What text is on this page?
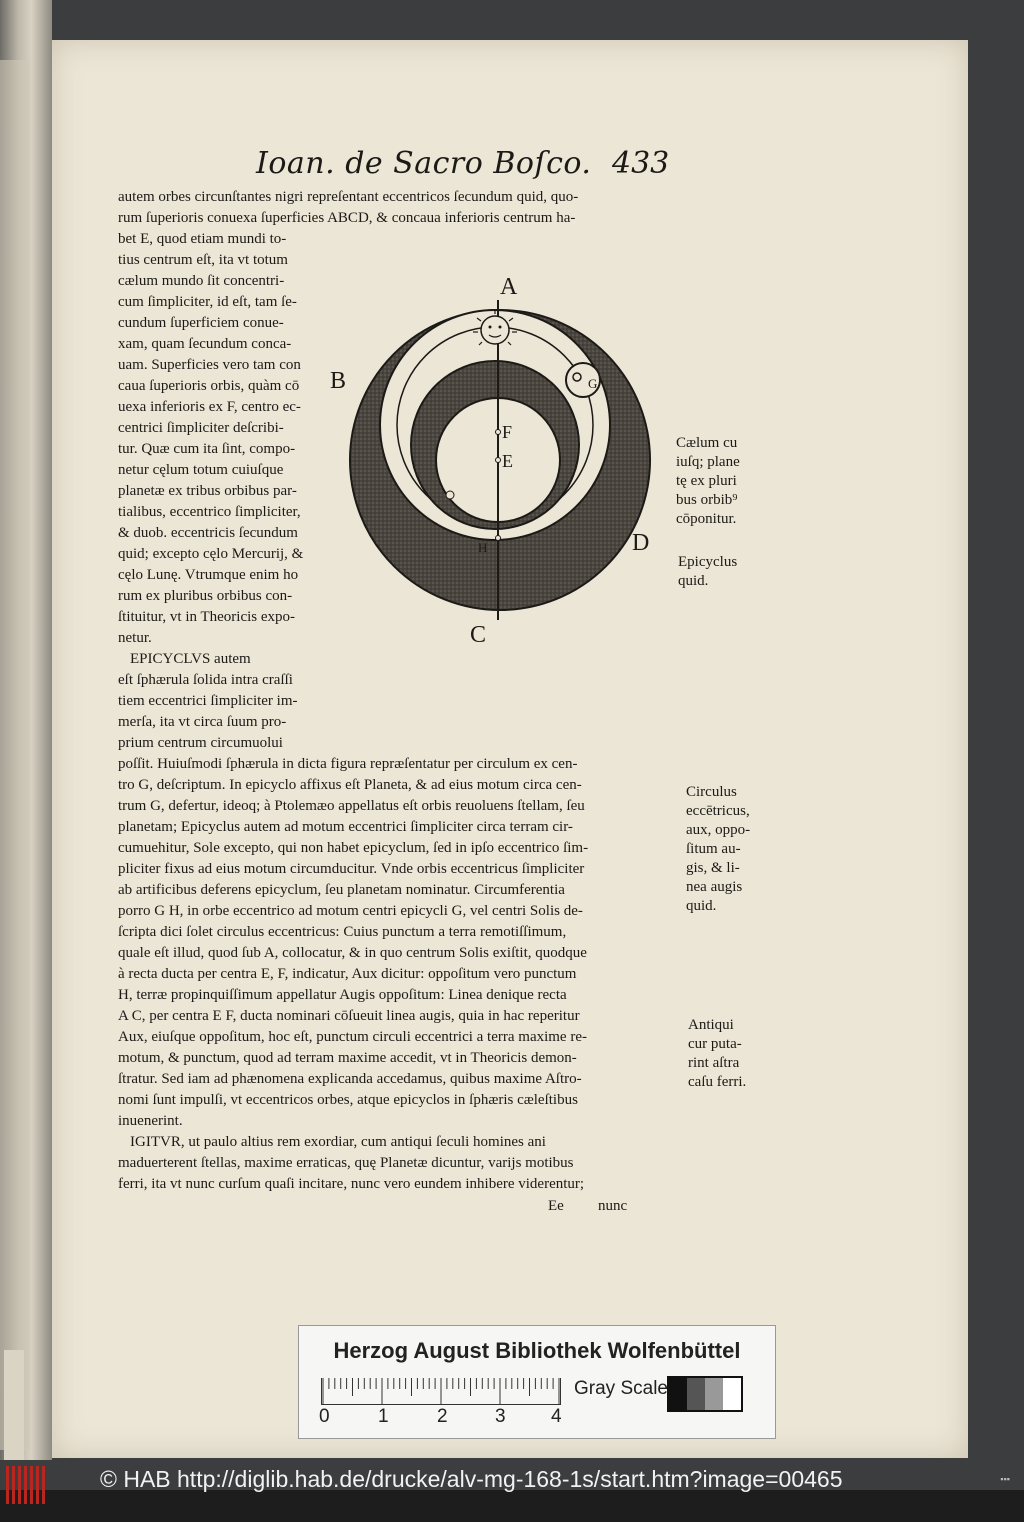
Ioan. de Sacro Boſco. 433
autem orbes circunſtantes nigri repreſentant eccentricos ſecundum quid, quo-
rum ſuperioris conuexa ſuperficies ABCD, & concaua inferioris centrum ha-
bet E, quod etiam mundi to-
tius centrum eſt, ita vt totum
cælum mundo ſit concentri-
cum ſimpliciter, id eſt, tam ſe-
cundum ſuperficiem conue-
xam, quam ſecundum conca-
uam. Superficies vero tam con
caua ſuperioris orbis, quàm cō
uexa inferioris ex F, centro ec-
centrici ſimpliciter deſcribi-
tur. Quæ cum ita ſint, compo-
netur cęlum totum cuiuſque
planetæ ex tribus orbibus par-
tialibus, eccentrico ſimpliciter,
& duob. eccentricis ſecundum
quid; excepto cęlo Mercurij, &
cęlo Lunę. Vtrumque enim ho
rum ex pluribus orbibus con-
ſtituitur, vt in Theoricis expo-
netur.
EPICYCLVS autem
eſt ſphærula ſolida intra craſſi
tiem eccentrici ſimpliciter im-
merſa, ita vt circa ſuum pro-
prium centrum circumuolui
poſſit. Huiuſmodi ſphærula in dicta figura repræſentatur per circulum ex cen-
tro G, deſcriptum. In epicyclo affixus eſt Planeta, & ad eius motum circa cen-
trum G, defertur, ideoq; à Ptolemæo appellatus eſt orbis reuoluens ſtellam, ſeu
planetam; Epicyclus autem ad motum eccentrici ſimpliciter circa terram cir-
cumuehitur, Sole excepto, qui non habet epicyclum, ſed in ipſo eccentrico ſim-
pliciter fixus ad eius motum circumducitur. Vnde orbis eccentricus ſimpliciter
ab artificibus deferens epicyclum, ſeu planetam nominatur. Circumferentia
porro G H, in orbe eccentrico ad motum centri epicycli G, vel centri Solis de-
ſcripta dici ſolet circulus eccentricus: Cuius punctum a terra remotiſſimum,
quale eſt illud, quod ſub A, collocatur, & in quo centrum Solis exiſtit, quodque
à recta ducta per centra E, F, indicatur, Aux dicitur: oppoſitum vero punctum
H, terræ propinquiſſimum appellatur Augis oppoſitum: Linea denique recta
A C, per centra E F, ducta nominari cōſueuit linea augis, quia in hac reperitur
Aux, eiuſque oppoſitum, hoc eſt, punctum circuli eccentrici a terra maxime re-
motum, & punctum, quod ad terram maxime accedit, vt in Theoricis demon-
ſtratur. Sed iam ad phænomena explicanda accedamus, quibus maxime Aſtro-
nomi ſunt impulſi, vt eccentricos orbes, atque epicyclos in ſphæris cæleſtibus
inuenerint.
IGITVR, ut paulo altius rem exordiar, cum antiqui ſeculi homines ani
maduerterent ſtellas, maxime erraticas, quę Planetæ dicuntur, varijs motibus
ferri, ita vt nunc curſum quaſi incitare, nunc vero eundem inhibere viderentur;
Cælum cu
iuſq; plane
tę ex pluri
bus orbib⁹
cōponitur.
Epicyclus
quid.
Circulus
eccētricus,
aux, oppo-
ſitum au-
gis, & li-
nea augis
quid.
Antiqui
cur puta-
rint aſtra
caſu ferri.
A
B
C
D
F
E
G
H
Ee nunc
Herzog August Bibliothek Wolfenbüttel
0	1	2 3 4
Gray Scale
© HAB http://diglib.hab.de/drucke/alv-mg-168-1s/start.htm?image=00465	▪▪▪
